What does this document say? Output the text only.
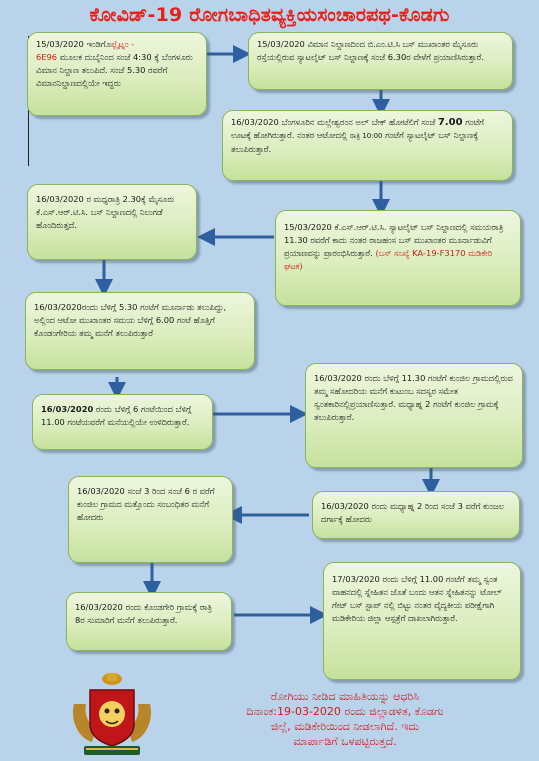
ಕೋವಿಡ್-19 ರೋಗಬಾಧಿತವ್ಯಕ್ತಿಯಸಂಚಾರಪಥ-ಕೊಡಗು
15/03/2020 ಇಂಡಿಗೊಫ್ಲೈಟ್ನಂ -
6E96 ಮೂಲಕ ದುಬೈನಿಂದ ಸಂಜೆ 4:30 ಕ್ಕೆ ಬೆಂಗಳೂರು ವಿಮಾನ ನಿಲ್ದಾಣ ತಲುಪಿದೆ. ಸಂಜೆ 5.30 ರವರೆಗೆ ವಿಮಾನನಿಲ್ದಾಣದಲ್ಲಿಯೇ ಇದ್ದರು
15/03/2020 ವಿಮಾನ ನಿಲ್ದಾಣದಿಂದ ಬಿ.ಎಂ.ಟಿ.ಸಿ ಬಸ್ ಮುಖಾಂತರ ಮೈಸೂರು ರಸ್ತೆಯಲ್ಲಿರುವ ಸ್ಯಾಟಲೈಟ್ ಬಸ್ ನಿಲ್ದಾಣಕ್ಕೆ ಸಂಜೆ 6.30ರ ವೇಳೆಗೆ ಪ್ರಯಾಣಿಸಿರುತ್ತಾರೆ.
16/03/2020 ಬೆಂಗಳೂರಿನ ಮಲ್ಲೇಶ್ವರಂನ ಅಲ್ ಬೇಕ್ ಹೋಟೆಲಿಗೆ ಸಂಜೆ 7.00 ಗಂಟೆಗೆ ಊಟಕ್ಕೆ ಹೋಗಿರುತ್ತಾರೆ. ನಂತರ ಆಟೋದಲ್ಲಿ ರಾತ್ರಿ 10:00 ಗಂಟೆಗೆ ಸ್ಯಾಟಲೈಟ್ ಬಸ್ ನಿಲ್ದಾಣಕ್ಕೆ ತಲುಪಿರುತ್ತಾರೆ.
16/03/2020 ರ ಮಧ್ಯರಾತ್ರಿ 2.30ಕ್ಕೆ ಮೈಸೂರು ಕೆ.ಎಸ್.ಆರ್.ಟಿ.ಸಿ. ಬಸ್ ನಿಲ್ದಾಣದಲ್ಲಿ ನಿಲುಗಡೆ ಹೊಂದಿರುತ್ತದೆ.	15/03/2020 ಕೆ.ಎಸ್.ಆರ್.ಟಿ.ಸಿ. ಸ್ಯಾಟಲೈಟ್ ಬಸ್ ನಿಲ್ದಾಣದಲ್ಲಿ ಸಮಯರಾತ್ರಿ 11.30 ರವರೆಗೆ ಕಾದು ನಂತರ ರಾಜಹಂಸ ಬಸ್ ಮುಖಾಂತರ ಮೂರ್ನಾಡುವಿಗೆ ಪ್ರಯಾಣವನ್ನು ಪ್ರಾರಂಭಿಸಿರುತ್ತಾರೆ. (ಬಸ್ ಸಂಖ್ಯೆ KA-19-F3170 ಮಡಿಕೇರಿ ಘಟಕ)
16/03/2020ರಂದು ಬೆಳಿಗ್ಗೆ 5.30 ಗಂಟೆಗೆ ಮೂರ್ನಾಡು ತಲುಪಿದ್ದು, ಅಲ್ಲಿಂದ ಆಟೋ ಮುಖಾಂತರ ಸಮಯ ಬೆಳಿಗ್ಗೆ 6.00 ಗಂಟೆ ಹೊತ್ತಿಗೆ ಕೊಂಡಂಗೇರಿಯ ತಮ್ಮ ಮನೆಗೆ ತಲುಪಿರುತ್ತಾರೆ
16/03/2020 ರಂದು ಬೆಳಿಗ್ಗೆ 6 ಗಂಟೆಯಿಂದ ಬೆಳಿಗ್ಗೆ 11.00 ಗಂಟೆಯವರೆಗೆ ಮನೆಯಲ್ಲಿಯೇ ಉಳಿದಿರುತ್ತಾರೆ.
16/03/2020 ರಂದು ಬೆಳಿಗ್ಗೆ 11.30 ಗಂಟೆಗೆ ಕುಂಜಿಲ ಗ್ರಾಮದಲ್ಲಿರುವ ತಮ್ಮ ಸಹೋದರಿಯ ಮನೆಗೆ ಕುಟುಂಬ ಸದಸ್ಯರ ಸಮೇತ ಸ್ವಂತಕಾರಿನಲ್ಲಿಪ್ರಯಾಣಿಸುತ್ತಾರೆ. ಮಧ್ಯಾಹ್ನ 2 ಗಂಟೆಗೆ ಕುಂಜಿಲ ಗ್ರಾಮಕ್ಕೆ ತಲುಪಿರುತ್ತಾರೆ.
16/03/2020 ಸಂಜೆ 3 ರಿಂದ ಸಂಜೆ 6 ರ ವರೆಗೆ ಕುಂಜಿಲ ಗ್ರಾಮದ ಮತ್ತೊಂದು ಸಂಬಂಧಿತರ ಮನೆಗೆ ಹೋದರು
16/03/2020 ರಂದು ಮಧ್ಯಾಹ್ನ 2 ರಿಂದ ಸಂಜೆ 3 ವರೆಗೆ ಕುಂಜಲ ದರ್ಗಾಕ್ಕೆ ಹೋದರು
16/03/2020 ರಂದು ಕೊಂಡಗೇರಿ ಗ್ರಾಮಕ್ಕೆ ರಾತ್ರಿ 8ರ ಸುಮಾರಿಗೆ ಮನೆಗೆ ತಲುಪಿರುತ್ತಾರೆ.
17/03/2020 ರಂದು ಬೆಳಿಗ್ಗೆ 11.00 ಗಂಟೆಗೆ ತಮ್ಮ ಸ್ವಂತ ವಾಹನದಲ್ಲಿ ಸ್ನೇಹಿತನ ಜೊತೆ ಬಂದು ಆತನ ಸ್ನೇಹಿತನನ್ನು ಟೋಲ್ ಗೇಟ್ ಬಸ್ ಸ್ಟಾಪ್ ನಲ್ಲಿ ಬಿಟ್ಟು ನಂತರ ವೈದ್ಯಕೀಯ ಪರೀಕ್ಷೆಗಾಗಿ ಮಡಿಕೇರಿಯ ಜಿಲ್ಲಾ ಆಸ್ಪತ್ರೆಗೆ ದಾಖಲಾಗಿರುತ್ತಾರೆ.
ರೋಗಿಯು ನೀಡಿದ ಮಾಹಿತಿಯನ್ನು ಆಧರಿಸಿ
ದಿನಾಂಕ:19-03-2020 ರಂದು ಜಿಲ್ಲಾಡಳಿತ, ಕೊಡಗು
ಜಿಲ್ಲೆ, ಮಡಿಕೇರಿಯಿಂದ ನೀಡಲಾಗಿದೆ. ಇದು
ಮಾರ್ಪಾಡಿಗೆ ಒಳಪಟ್ಟಿರುತ್ತದೆ.
